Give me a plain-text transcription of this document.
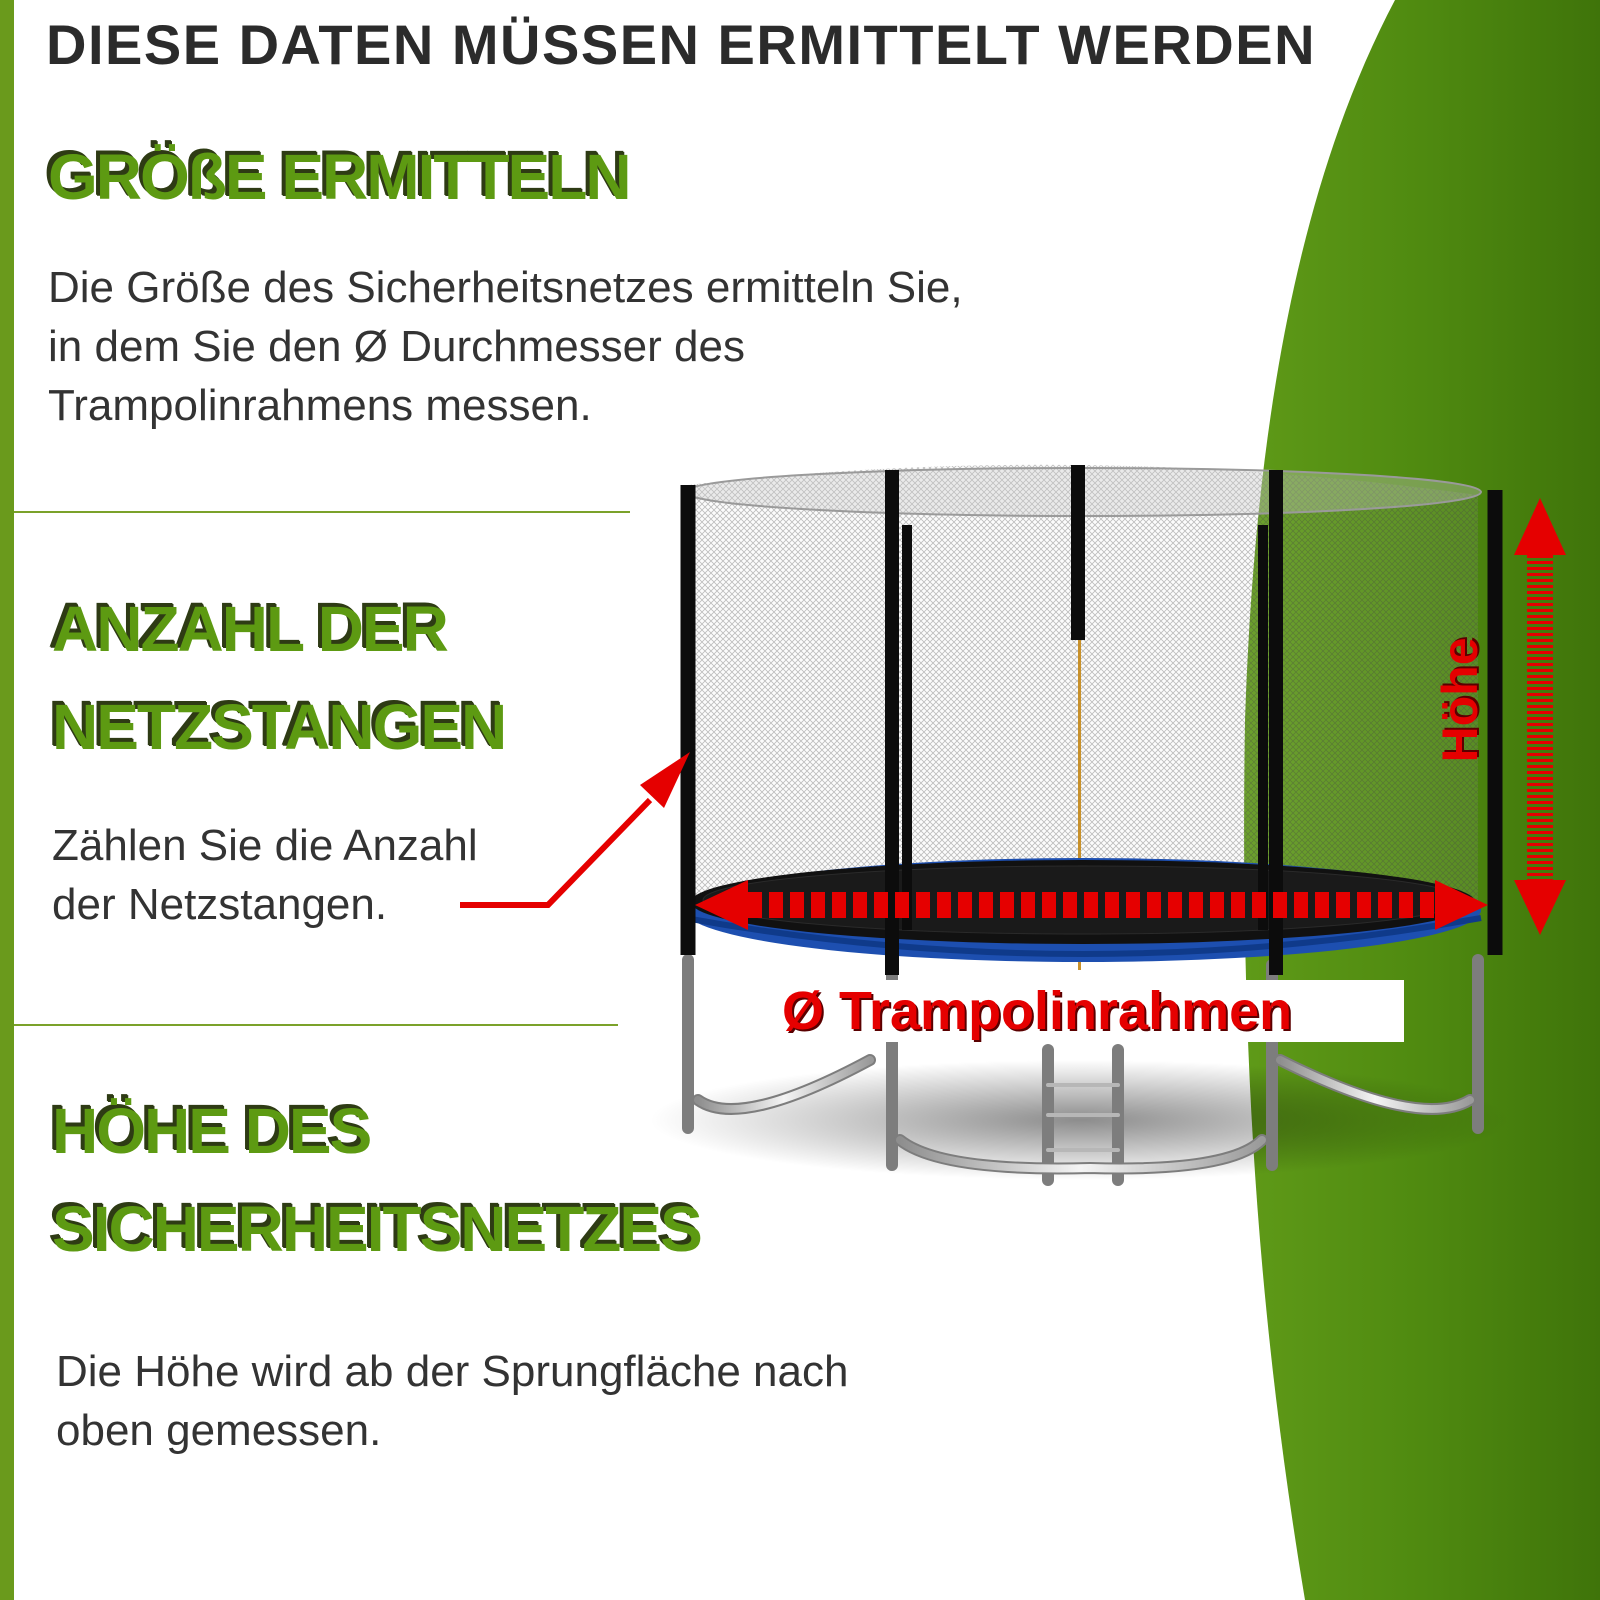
DIESE DATEN MÜSSEN ERMITTELT WERDEN
GRÖßE ERMITTELN

Die Größe des Sicherheitsnetzes ermitteln Sie,
in dem Sie den Ø Durchmesser des
Trampolinrahmens messen.

ANZAHL DER
NETZSTANGEN

Zählen Sie die Anzahl
der Netzstangen.

HÖHE DES
SICHERHEITSNETZES

Die Höhe wird ab der Sprungfläche nach
oben gemessen.

Ø Trampolinrahmen
Höhe
